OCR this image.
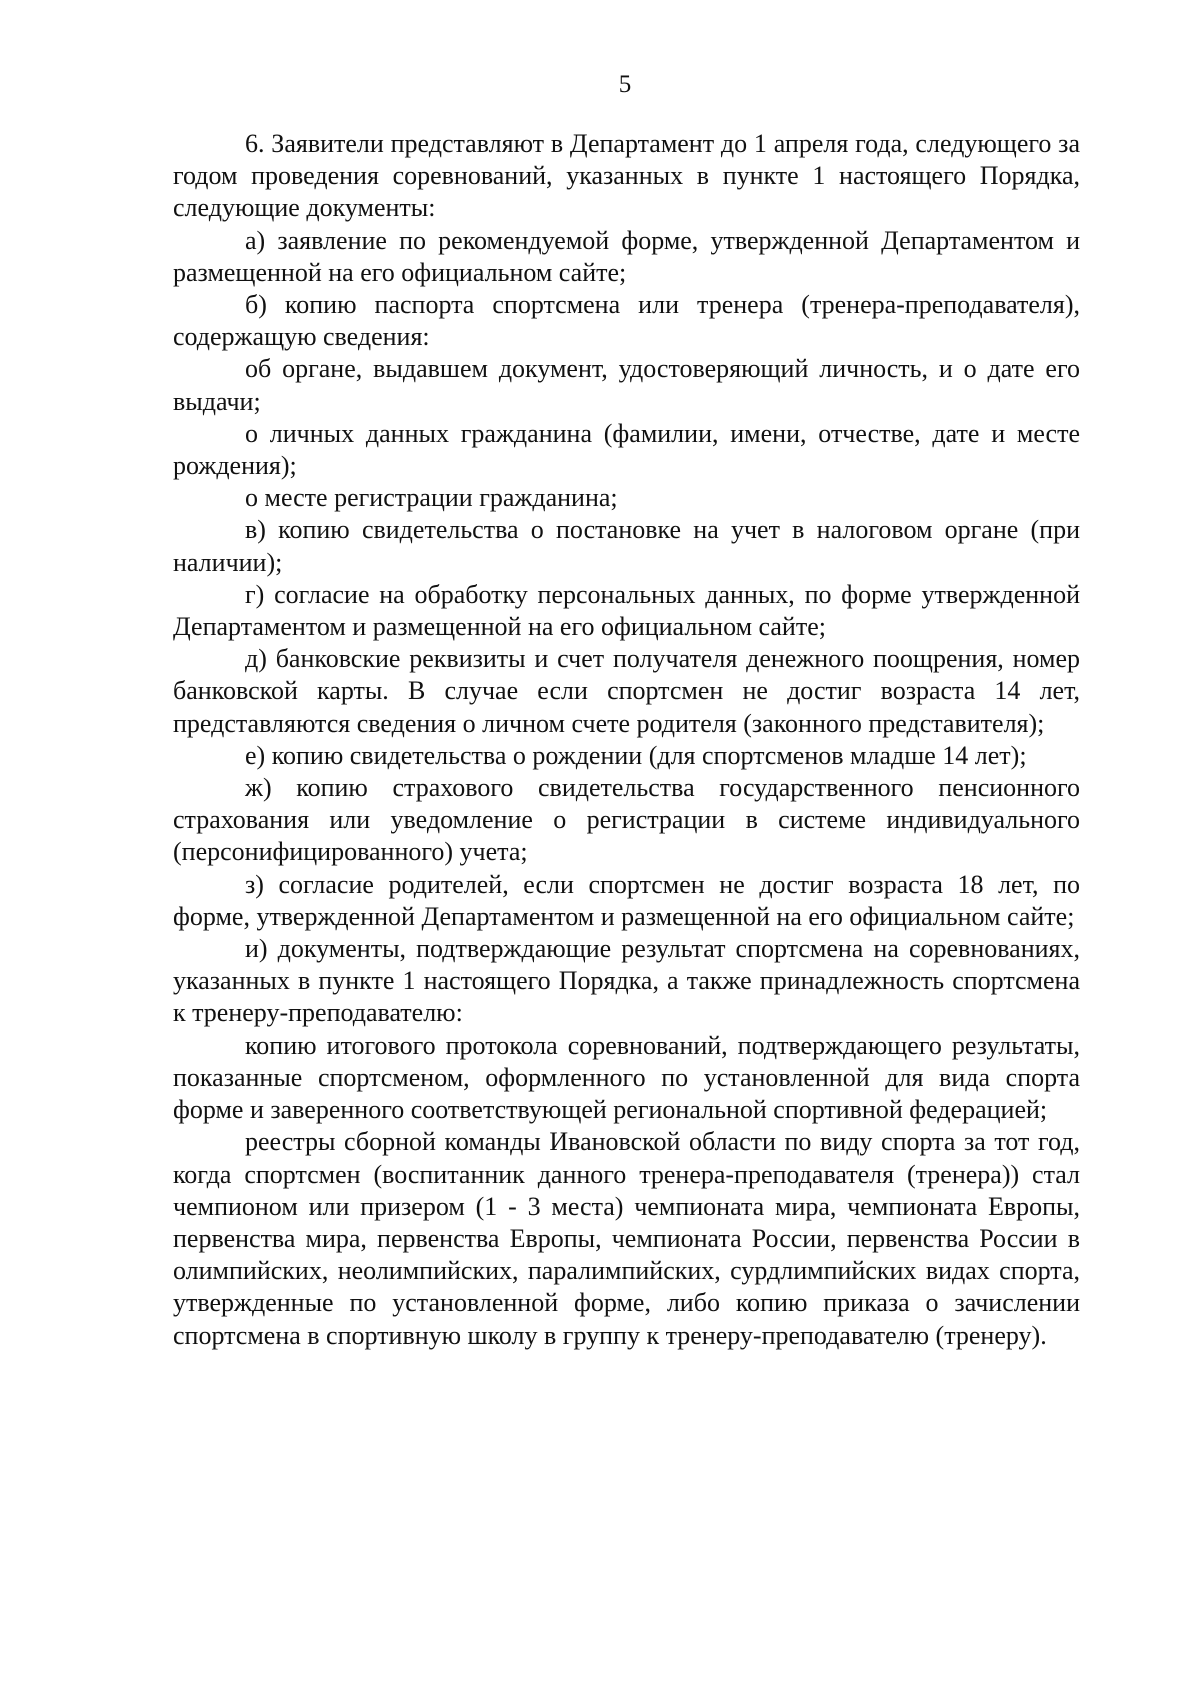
5

6. Заявители представляют в Департамент до 1 апреля года, следующего за годом проведения соревнований, указанных в пункте 1 настоящего Порядка, следующие документы:

а) заявление по рекомендуемой форме, утвержденной Департаментом и размещенной на его официальном сайте;

б) копию паспорта спортсмена или тренера (тренера-преподавателя), содержащую сведения:

об органе, выдавшем документ, удостоверяющий личность, и о дате его выдачи;

о личных данных гражданина (фамилии, имени, отчестве, дате и месте рождения);

о месте регистрации гражданина;

в) копию свидетельства о постановке на учет в налоговом органе (при наличии);

г) согласие на обработку персональных данных, по форме утвержденной Департаментом и размещенной на его официальном сайте;

д) банковские реквизиты и счет получателя денежного поощрения, номер банковской карты. В случае если спортсмен не достиг возраста 14 лет, представляются сведения о личном счете родителя (законного представителя);

е) копию свидетельства о рождении (для спортсменов младше 14 лет);

ж) копию страхового свидетельства государственного пенсионного страхования или уведомление о регистрации в системе индивидуального (персонифицированного) учета;

з) согласие родителей, если спортсмен не достиг возраста 18 лет, по форме, утвержденной Департаментом и размещенной на его официальном сайте;

и) документы, подтверждающие результат спортсмена на соревнованиях, указанных в пункте 1 настоящего Порядка, а также принадлежность спортсмена к тренеру-преподавателю:

копию итогового протокола соревнований, подтверждающего результаты, показанные спортсменом, оформленного по установленной для вида спорта форме и заверенного соответствующей региональной спортивной федерацией;

реестры сборной команды Ивановской области по виду спорта за тот год, когда спортсмен (воспитанник данного тренера-преподавателя (тренера)) стал чемпионом или призером (1 - 3 места) чемпионата мира, чемпионата Европы, первенства мира, первенства Европы, чемпионата России, первенства России в олимпийских, неолимпийских, паралимпийских, сурдлимпийских видах спорта, утвержденные по установленной форме, либо копию приказа о зачислении спортсмена в спортивную школу в группу к тренеру-преподавателю (тренеру).
